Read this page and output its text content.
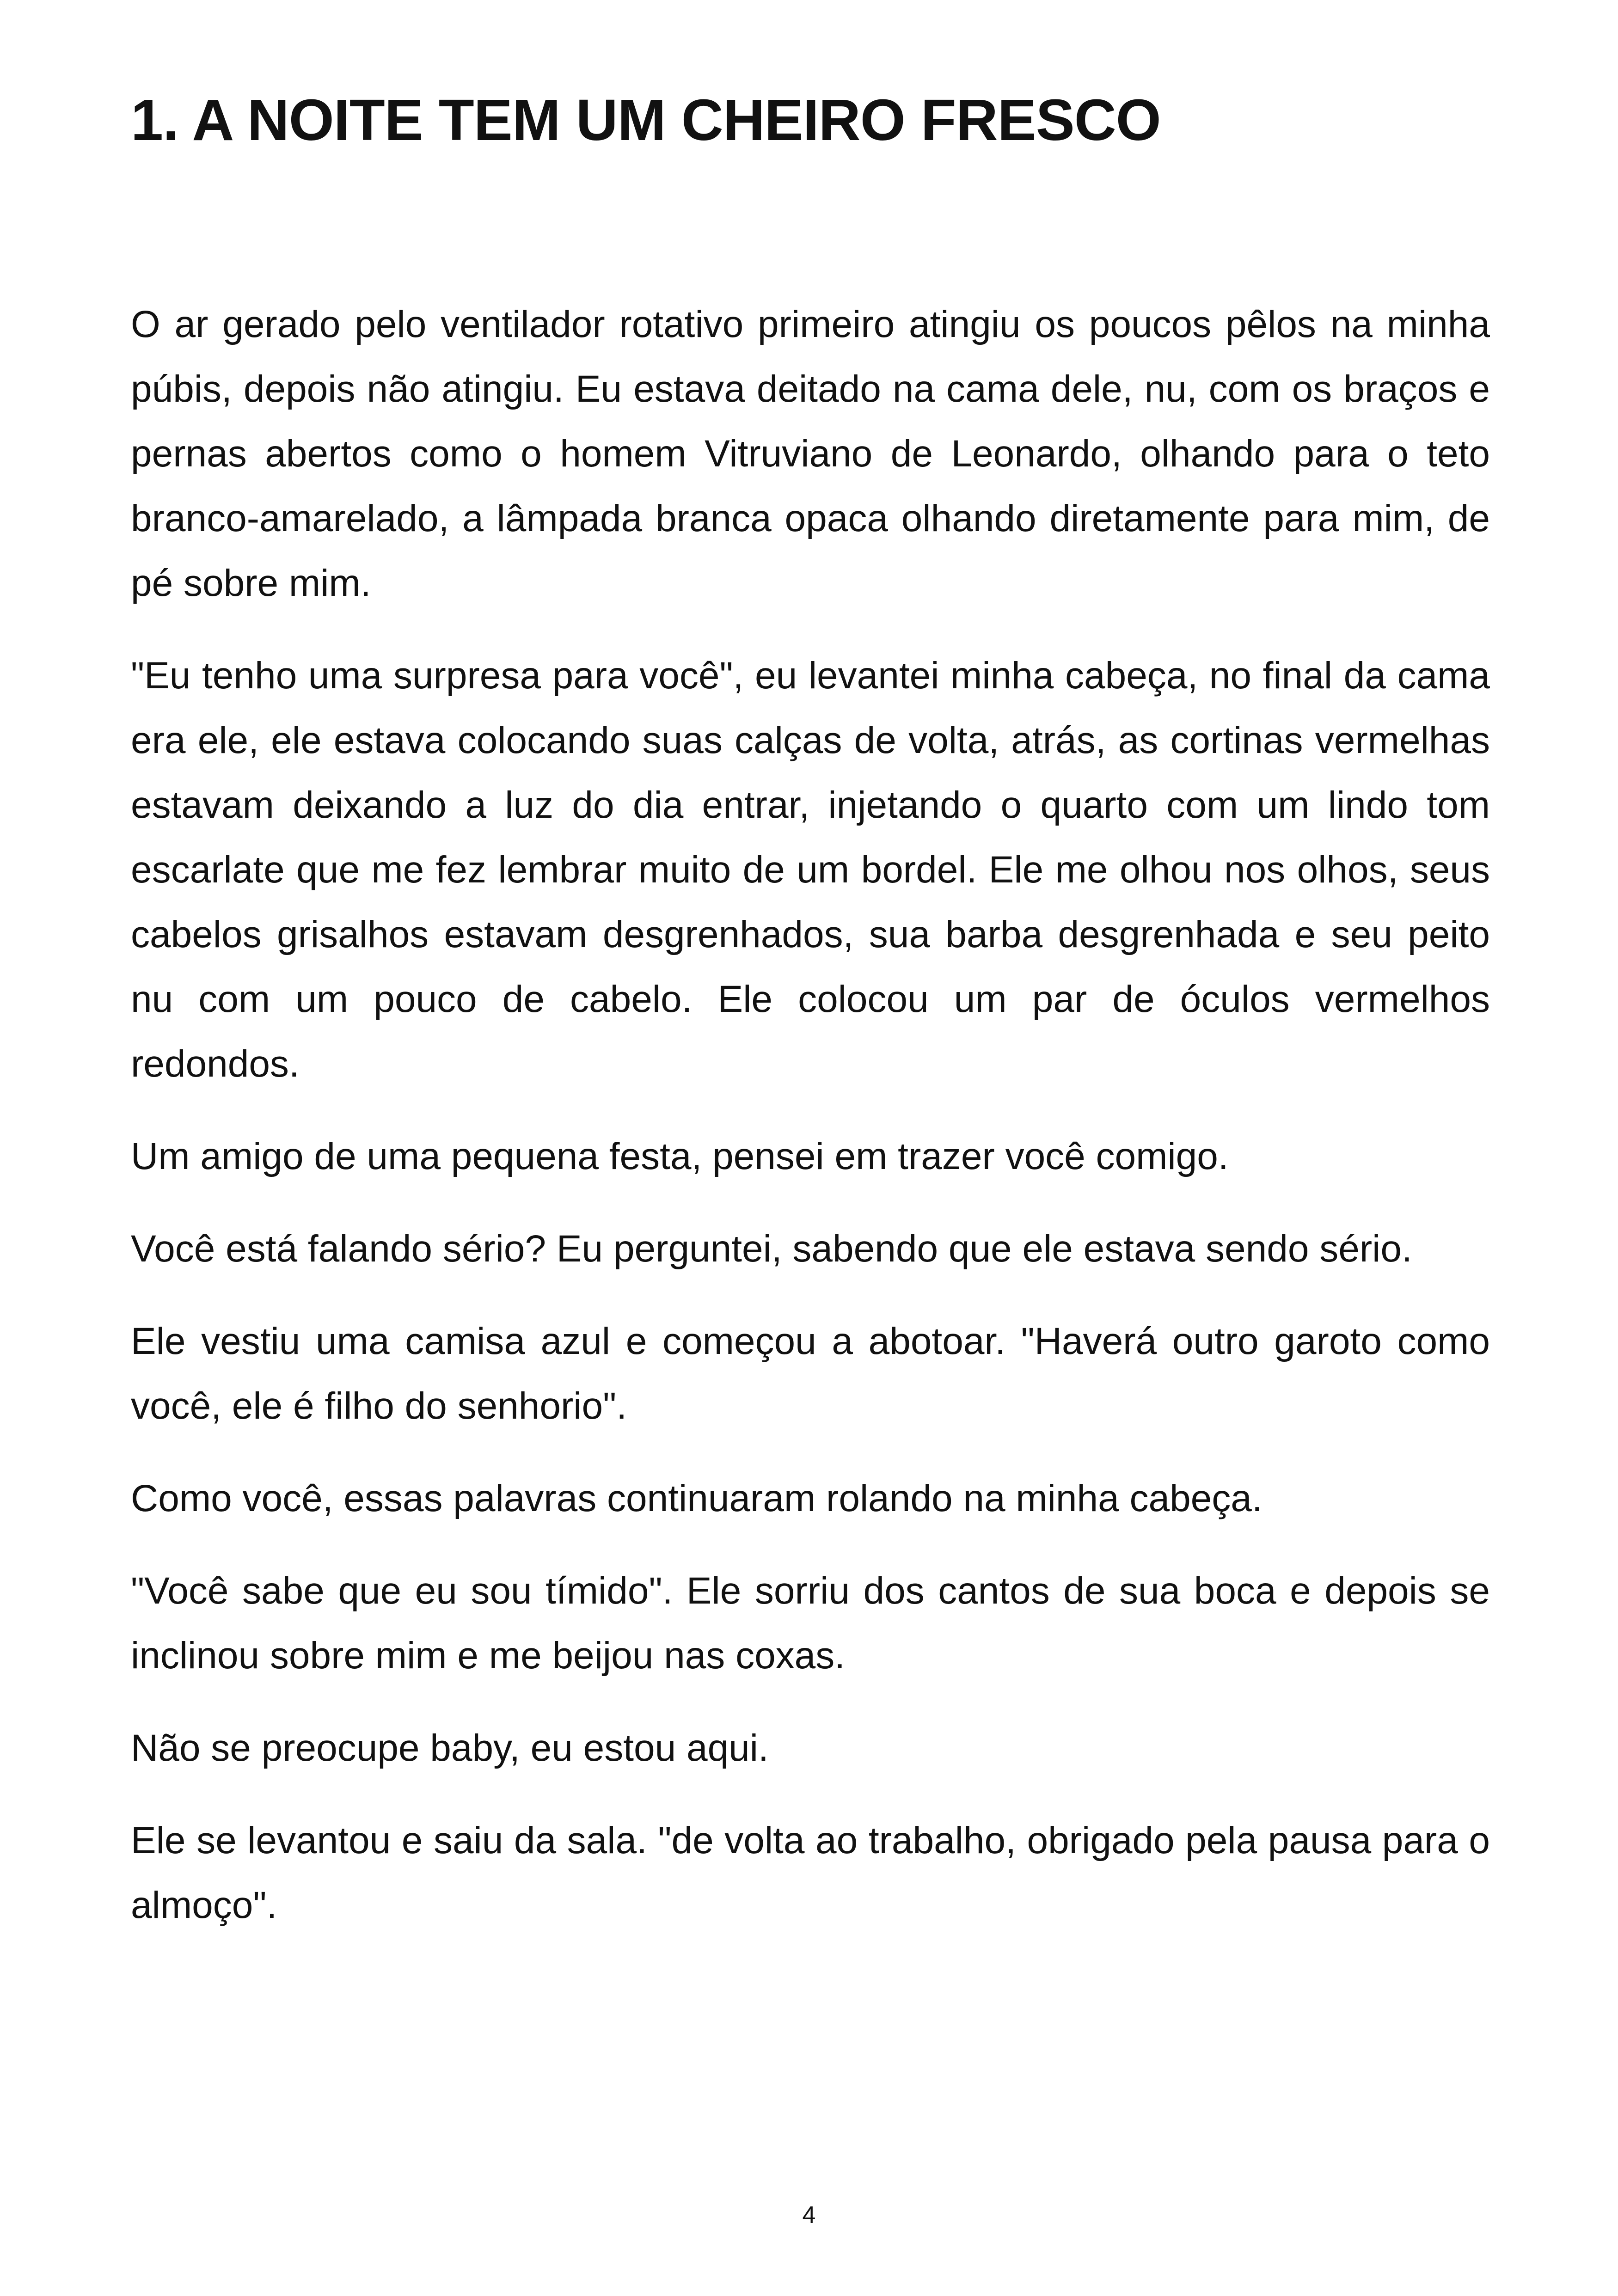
1. A NOITE TEM UM CHEIRO FRESCO

O ar gerado pelo ventilador rotativo primeiro atingiu os poucos pêlos na minha púbis, depois não atingiu. Eu estava deitado na cama dele, nu, com os braços e pernas abertos como o homem Vitruviano de Leonardo, olhando para o teto branco-amarelado, a lâmpada branca opaca olhando diretamente para mim, de pé sobre mim.

"Eu tenho uma surpresa para você", eu levantei minha cabeça, no final da cama era ele, ele estava colocando suas calças de volta, atrás, as cortinas vermelhas estavam deixando a luz do dia entrar, injetando o quarto com um lindo tom escarlate que me fez lembrar muito de um bordel. Ele me olhou nos olhos, seus cabelos grisalhos estavam desgrenhados, sua barba desgrenhada e seu peito nu com um pouco de cabelo. Ele colocou um par de óculos vermelhos redondos.

Um amigo de uma pequena festa, pensei em trazer você comigo.

Você está falando sério? Eu perguntei, sabendo que ele estava sendo sério.

Ele vestiu uma camisa azul e começou a abotoar. "Haverá outro garoto como você, ele é filho do senhorio".

Como você, essas palavras continuaram rolando na minha cabeça.

"Você sabe que eu sou tímido". Ele sorriu dos cantos de sua boca e depois se inclinou sobre mim e me beijou nas coxas.

Não se preocupe baby, eu estou aqui.

Ele se levantou e saiu da sala. "de volta ao trabalho, obrigado pela pausa para o almoço".

4
